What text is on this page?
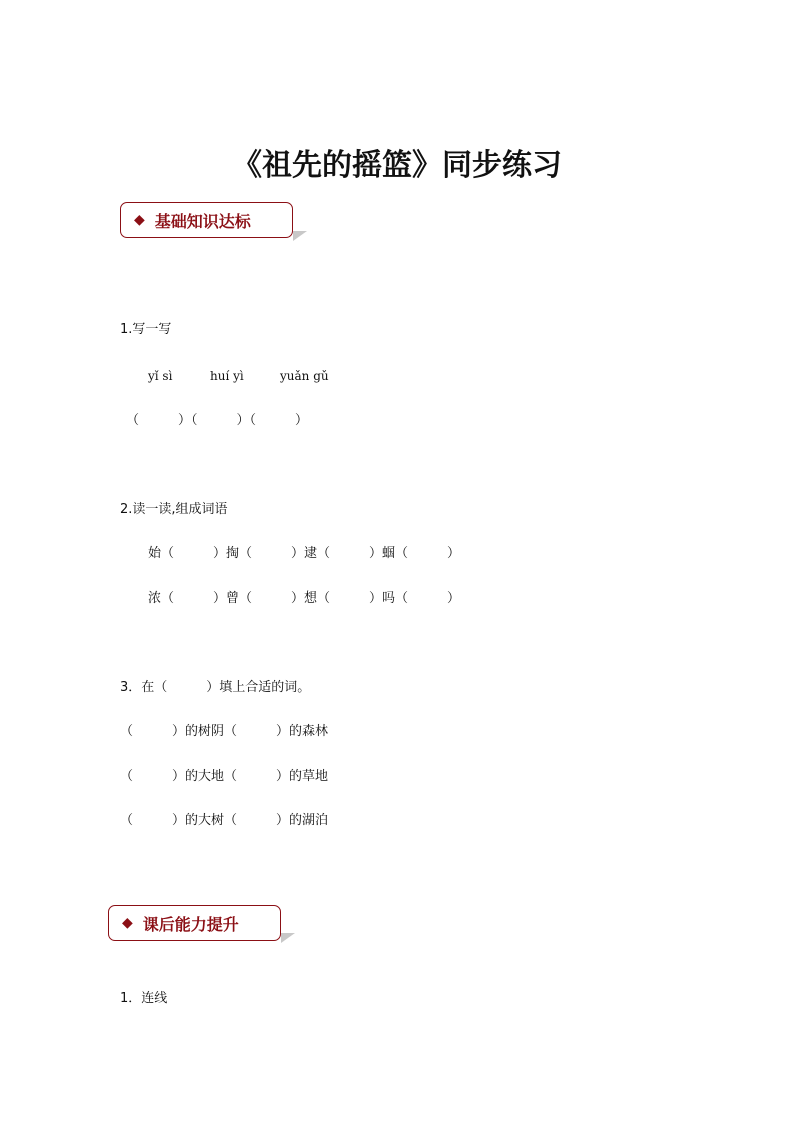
《祖先的摇篮》同步练习
◆ 基础知识达标
1.写一写
yǐ sì	huí yì	yuǎn gǔ
（　　　）（　　　）（　　　）
2.读一读,组成词语
始（　　　）掏（　　　）逮（　　　）蝈（　　　）
浓（　　　）曾（　　　）想（　　　）吗（　　　）
3．在（　　　）填上合适的词。
（　　　）的树阴（　　　）的森林
（　　　）的大地（　　　）的草地
（　　　）的大树（　　　）的湖泊
◆ 课后能力提升
1．连线
